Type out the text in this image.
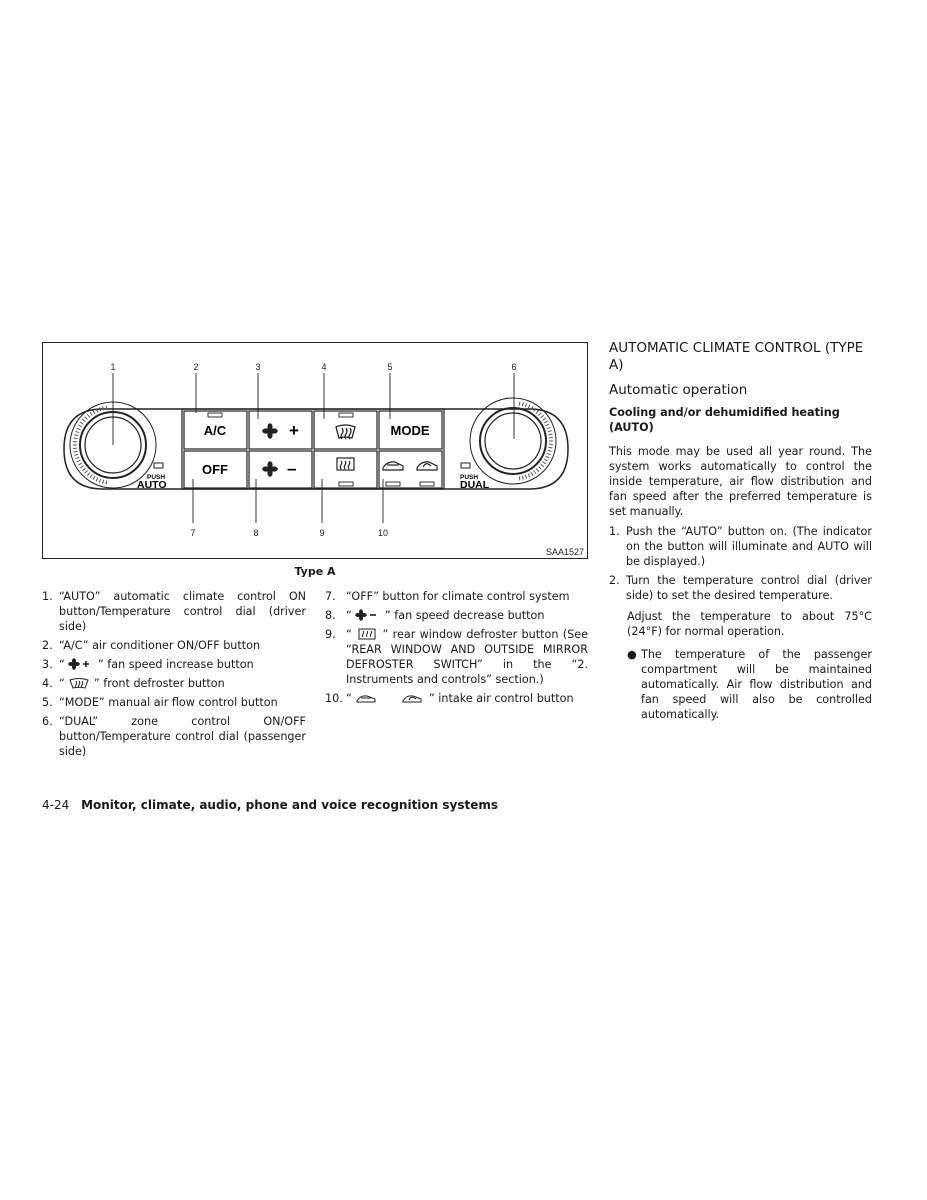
PUSH
AUTO
PUSH
DUAL
A/C	+	MODE
OFF	–
1	2	3	4	5	6
7	8	9	10
SAA1527
Type A
1. “AUTO” automatic climate control ON button/Temperature control dial (driver side)
2. “A/C” air conditioner ON/OFF button
3. “	” fan speed increase button
4. “	” front defroster button
5. “MODE” manual air flow control button
6. “DUAL” zone control ON/OFF button/Temperature control dial (passenger side)
7. “OFF” button for climate control system
8. “	” fan speed decrease button
9. “	” rear window defroster button (See “REAR WINDOW AND OUTSIDE MIRROR DEFROSTER SWITCH” in the “2. Instruments and controls” section.)
10. “	” intake air control button
AUTOMATIC CLIMATE CONTROL (TYPE A)
Automatic operation
Cooling and/or dehumidified heating (AUTO)

This mode may be used all year round. The system works automatically to control the inside temperature, air flow distribution and fan speed after the preferred temperature is set manually.

1. Push the “AUTO” button on. (The indicator on the button will illuminate and AUTO will be displayed.)
2. Turn the temperature control dial (driver side) to set the desired temperature.

Adjust the temperature to about 75°C (24°F) for normal operation.

● The temperature of the passenger compartment will be maintained automatically. Air flow distribution and fan speed will also be controlled automatically.
4-24 Monitor, climate, audio, phone and voice recognition systems
